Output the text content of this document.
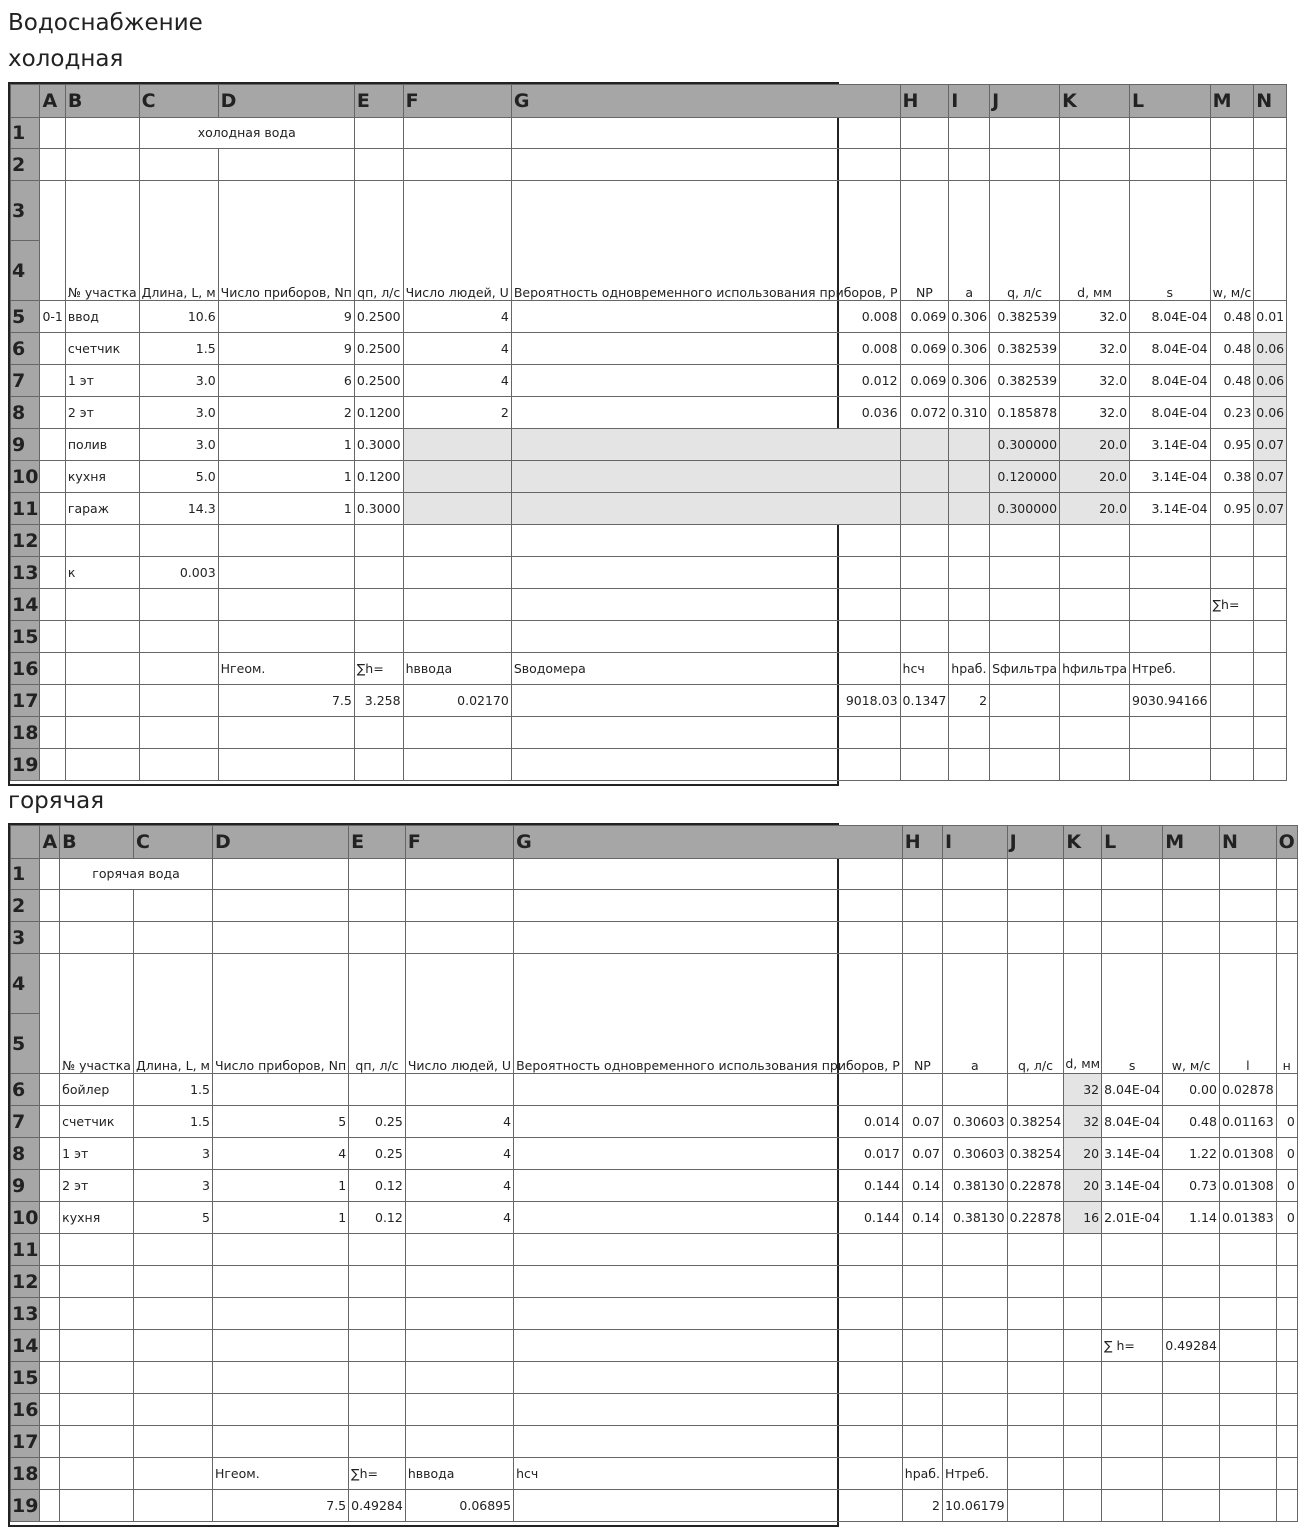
Водоснабжение
холодная
	A	B	C	D	E	F	G	H	I	J	K	L	M	N
1			холодная вода											
2														
3		№ участка	Длина, L, м	Число приборов, Nп	qп, л/с	Число людей, U	Вероятность одновременного использования приборов, P	NP	a	q, л/с	d, мм	s	w, м/с	
4														
5	0-1	ввод	10.6	9	0.2500	4	0.008	0.069	0.306	0.382539	32.0	8.04E-04	0.48	0.01
6		счетчик	1.5	9	0.2500	4	0.008	0.069	0.306	0.382539	32.0	8.04E-04	0.48	0.06
7		1 эт	3.0	6	0.2500	4	0.012	0.069	0.306	0.382539	32.0	8.04E-04	0.48	0.06
8		2 эт	3.0	2	0.1200	2	0.036	0.072	0.310	0.185878	32.0	8.04E-04	0.23	0.06
9		полив	3.0	1	0.3000					0.300000	20.0	3.14E-04	0.95	0.07
10		кухня	5.0	1	0.1200					0.120000	20.0	3.14E-04	0.38	0.07
11		гараж	14.3	1	0.3000					0.300000	20.0	3.14E-04	0.95	0.07
12														
13		к	0.003											
14													∑h=	
15														
16				Нгеом.	∑h=	hввода	Sводомера	hсч	hраб.	Sфильтра	hфильтра	Нтреб.		
17				7.5	3.258	0.02170	9018.03	0.1347	2			9030.94166		
18														
19														
горячая
	A	B	C	D	E	F	G	H	I	J	K	L	M	N	O
1		горячая вода													
2															
3															
4		№ участка	Длина, L, м	Число приборов, Nп	qп, л/с	Число людей, U	Вероятность одновременного использования приборов, P	NP	a	q, л/с	d, мм	s	w, м/с	l	н
5															
6		бойлер	1.5								32	8.04E-04	0.00	0.02878	
7		счетчик	1.5	5	0.25	4	0.014	0.07	0.30603	0.38254	32	8.04E-04	0.48	0.01163	0
8		1 эт	3	4	0.25	4	0.017	0.07	0.30603	0.38254	20	3.14E-04	1.22	0.01308	0
9		2 эт	3	1	0.12	4	0.144	0.14	0.38130	0.22878	20	3.14E-04	0.73	0.01308	0
10		кухня	5	1	0.12	4	0.144	0.14	0.38130	0.22878	16	2.01E-04	1.14	0.01383	0
11															
12															
13															
14												∑ h=	0.49284		
15															
16															
17															
18				Нгеом.	∑h=	hввода	hсч	hраб.	Нтреб.						
19				7.5	0.49284	0.06895		2	10.06179						
